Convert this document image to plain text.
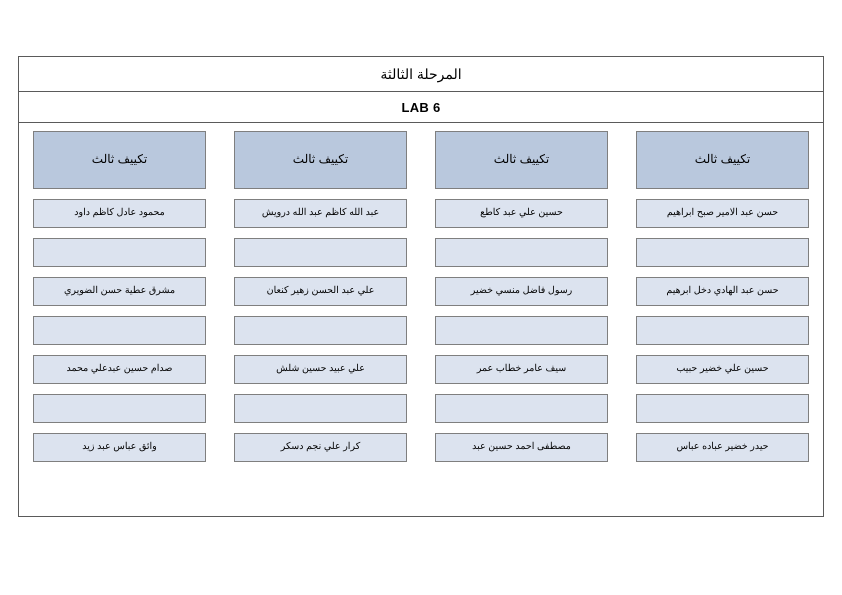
المرحلة الثالثة
LAB 6
تكييف ثالث
حسن عبد الامير صبح ابراهيم
حسن عبد الهادي دخل ابرهيم
حسين علي خضير حبيب
حيدر خضير عباده عباس
تكييف ثالث
حسين علي عبد كاطع
رسول فاضل منسي خضير
سيف عامر خطاب عمر
مصطفى احمد حسين عبد
تكييف ثالث
عبد الله كاظم عبد الله درويش
علي عبد الحسن زهير كنعان
علي عبيد حسين شلش
كرار علي نجم دسكر
تكييف ثالث
محمود عادل كاظم داود
مشرق عطية حسن الضويري
صدام حسين عبدعلي محمد
وائق عباس عبد زيد
